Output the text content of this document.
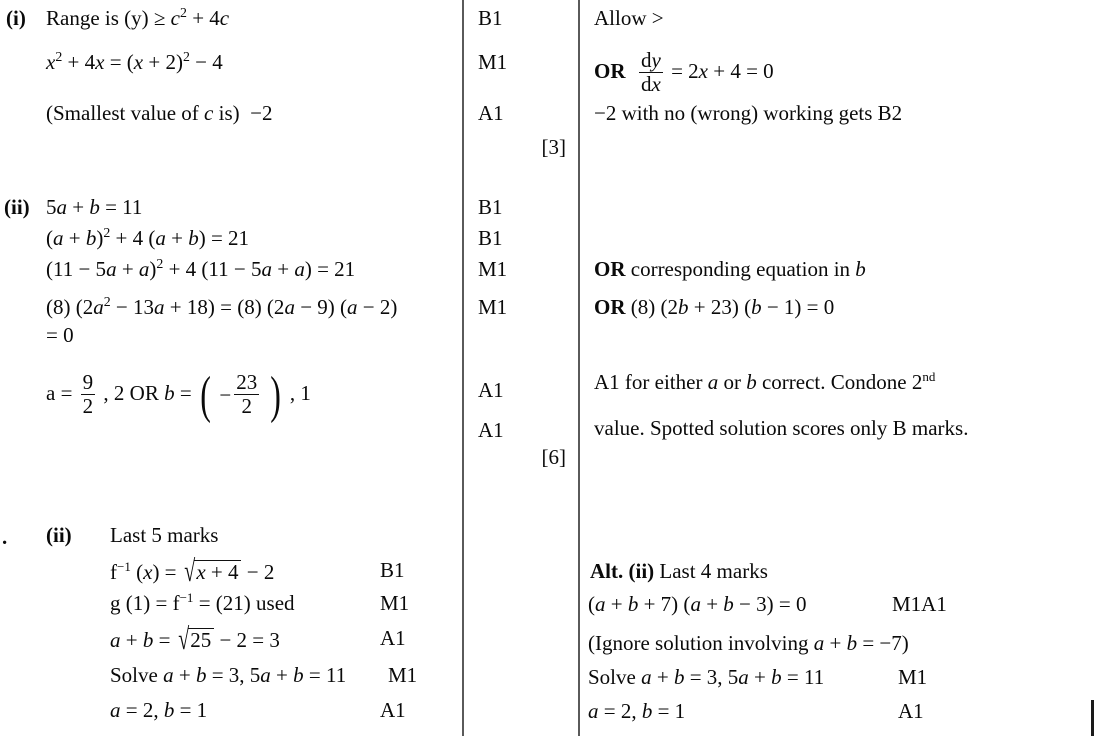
(i) Range is $(y) \ge c^2 + 4c$
$x^2 + 4x = (x + 2)^2 - 4$
(Smallest value of c is)  −2
B1
M1
A1
[3]
Allow >
OR $\frac{dy}{dx} = 2x + 4 = 0$
−2 with no (wrong) working gets B2
(ii) 5a + b = 11
$(a + b)^2 + 4$ (a + b) = 21
$(11 - 5a + a)^2 + 4$ (11 − 5a + a) = 21
(8) $(2a^2 - 13a + 18) = (8) (2a - 9) (a - 2)$
= 0
$a = \frac{9}{2}$ , 2 OR b = ( − $\frac{23}{2}$ ) , 1
B1
B1
M1
M1
A1
A1
[6]
OR corresponding equation in b
OR (8) (2b + 23) (b − 1) = 0
A1 for either a or b correct. Condone 2nd
value. Spotted solution scores only B marks.
. (ii) Last 5 marks
$f^{-1}$ (x) = √x + 4 − 2
g $(1) = f^{-1} = (21)$ used
a + b = √25 − 2 = 3
Solve a + b = 3, 5a + b = 11
a = 2, b = 1
B1
M1
A1
M1
A1
Alt. (ii) Last 4 marks
(a + b + 7) (a + b − 3) = 0
(Ignore solution involving a + b = −7)
Solve a + b = 3, 5a + b = 11
a = 2, b = 1
M1A1
M1
A1
